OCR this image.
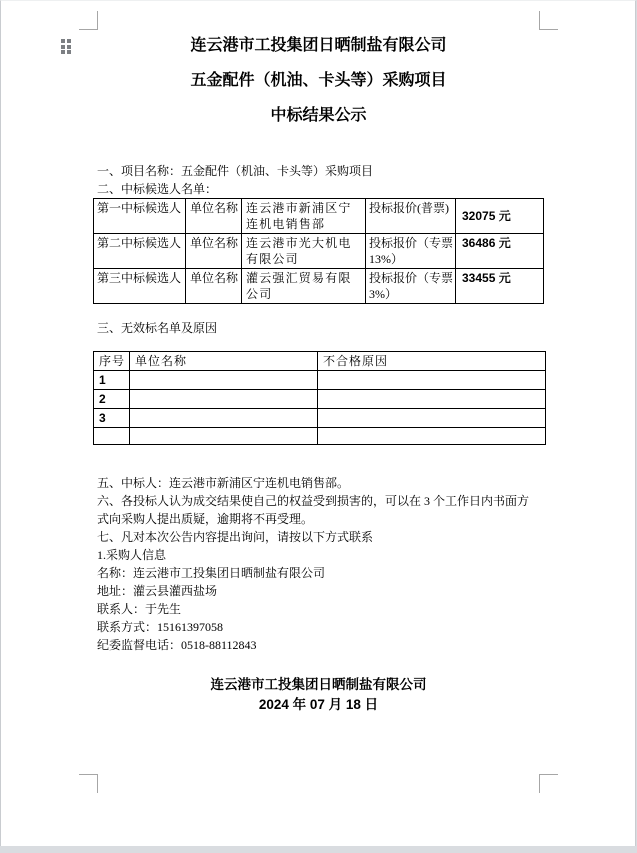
连云港市工投集团日晒制盐有限公司
五金配件（机油、卡头等）采购项目
中标结果公示

一、项目名称：五金配件（机油、卡头等）采购项目

二、中标候选人名单：

第一中标候选人	单位名称	连云港市新浦区宁连机电销售部	投标报价(普票)	32075 元
第二中标候选人	单位名称	连云港市光大机电有限公司	投标报价（专票13%）	36486 元
第三中标候选人	单位名称	灌云强汇贸易有限公司	投标报价（专票3%）	33455 元

三、无效标名单及原因

序号	单位名称	不合格原因
1		
2		
3		

五、中标人：连云港市新浦区宁连机电销售部。

六、各投标人认为成交结果使自己的权益受到损害的，可以在 3 个工作日内书面方式向采购人提出质疑，逾期将不再受理。

七、凡对本次公告内容提出询问，请按以下方式联系

1.采购人信息

名称：连云港市工投集团日晒制盐有限公司

地址：灌云县灌西盐场

联系人：于先生

联系方式：15161397058

纪委监督电话：0518-88112843

连云港市工投集团日晒制盐有限公司

2024 年 07 月 18 日
